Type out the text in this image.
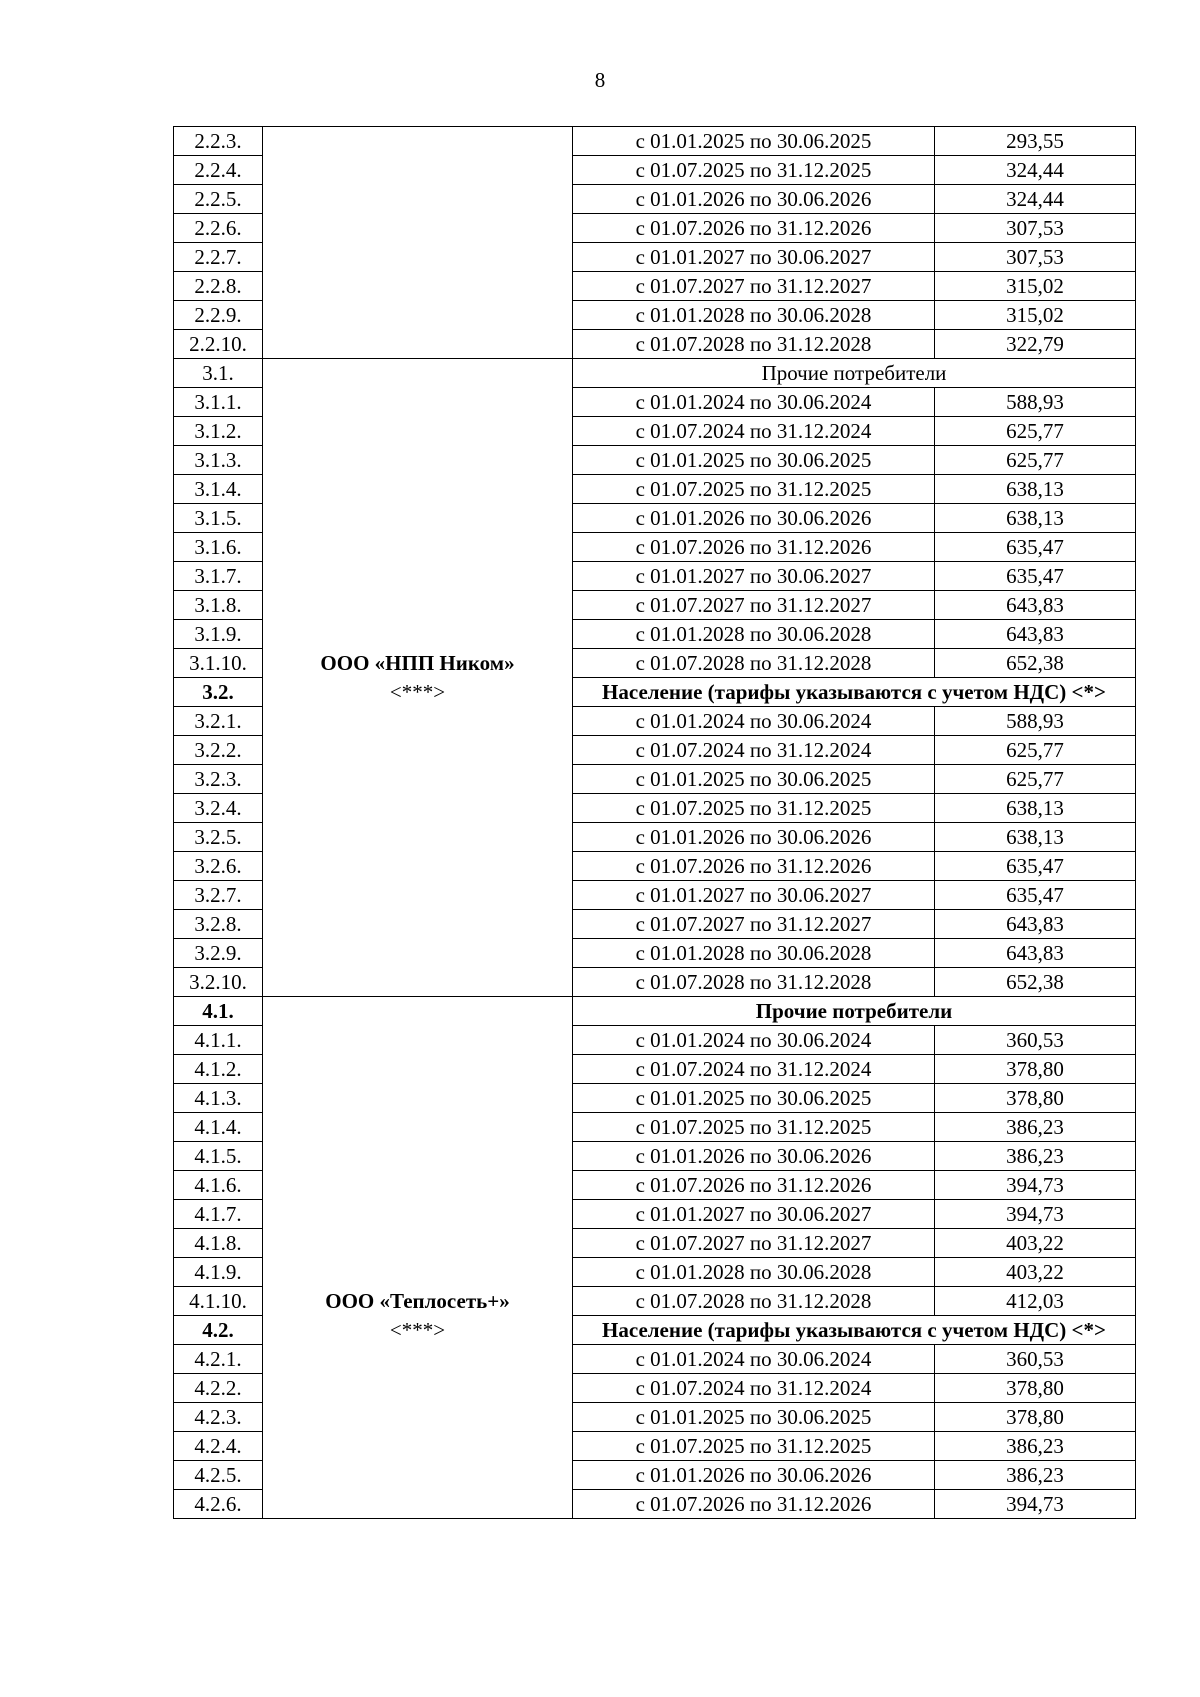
8
2.2.3.		с 01.01.2025 по 30.06.2025	293,55
2.2.4.		с 01.07.2025 по 31.12.2025	324,44
2.2.5.		с 01.01.2026 по 30.06.2026	324,44
2.2.6.		с 01.07.2026 по 31.12.2026	307,53
2.2.7.		с 01.01.2027 по 30.06.2027	307,53
2.2.8.		с 01.07.2027 по 31.12.2027	315,02
2.2.9.		с 01.01.2028 по 30.06.2028	315,02
2.2.10.		с 01.07.2028 по 31.12.2028	322,79
3.1.		Прочие потребители	
3.1.1.		с 01.01.2024 по 30.06.2024	588,93
3.1.2.		с 01.07.2024 по 31.12.2024	625,77
3.1.3.		с 01.01.2025 по 30.06.2025	625,77
3.1.4.		с 01.07.2025 по 31.12.2025	638,13
3.1.5.		с 01.01.2026 по 30.06.2026	638,13
3.1.6.		с 01.07.2026 по 31.12.2026	635,47
3.1.7.		с 01.01.2027 по 30.06.2027	635,47
3.1.8.		с 01.07.2027 по 31.12.2027	643,83
3.1.9.		с 01.01.2028 по 30.06.2028	643,83
3.1.10.	ООО «НПП Ником»	с 01.07.2028 по 31.12.2028	652,38
3.2.	<***>	Население (тарифы указываются с учетом НДС) <*>	
3.2.1.		с 01.01.2024 по 30.06.2024	588,93
3.2.2.		с 01.07.2024 по 31.12.2024	625,77
3.2.3.		с 01.01.2025 по 30.06.2025	625,77
3.2.4.		с 01.07.2025 по 31.12.2025	638,13
3.2.5.		с 01.01.2026 по 30.06.2026	638,13
3.2.6.		с 01.07.2026 по 31.12.2026	635,47
3.2.7.		с 01.01.2027 по 30.06.2027	635,47
3.2.8.		с 01.07.2027 по 31.12.2027	643,83
3.2.9.		с 01.01.2028 по 30.06.2028	643,83
3.2.10.		с 01.07.2028 по 31.12.2028	652,38
4.1.		Прочие потребители	
4.1.1.		с 01.01.2024 по 30.06.2024	360,53
4.1.2.		с 01.07.2024 по 31.12.2024	378,80
4.1.3.		с 01.01.2025 по 30.06.2025	378,80
4.1.4.		с 01.07.2025 по 31.12.2025	386,23
4.1.5.		с 01.01.2026 по 30.06.2026	386,23
4.1.6.		с 01.07.2026 по 31.12.2026	394,73
4.1.7.		с 01.01.2027 по 30.06.2027	394,73
4.1.8.		с 01.07.2027 по 31.12.2027	403,22
4.1.9.		с 01.01.2028 по 30.06.2028	403,22
4.1.10.	ООО «Теплосеть+»	с 01.07.2028 по 31.12.2028	412,03
4.2.	<***>	Население (тарифы указываются с учетом НДС) <*>	
4.2.1.		с 01.01.2024 по 30.06.2024	360,53
4.2.2.		с 01.07.2024 по 31.12.2024	378,80
4.2.3.		с 01.01.2025 по 30.06.2025	378,80
4.2.4.		с 01.07.2025 по 31.12.2025	386,23
4.2.5.		с 01.01.2026 по 30.06.2026	386,23
4.2.6.		с 01.07.2026 по 31.12.2026	394,73
